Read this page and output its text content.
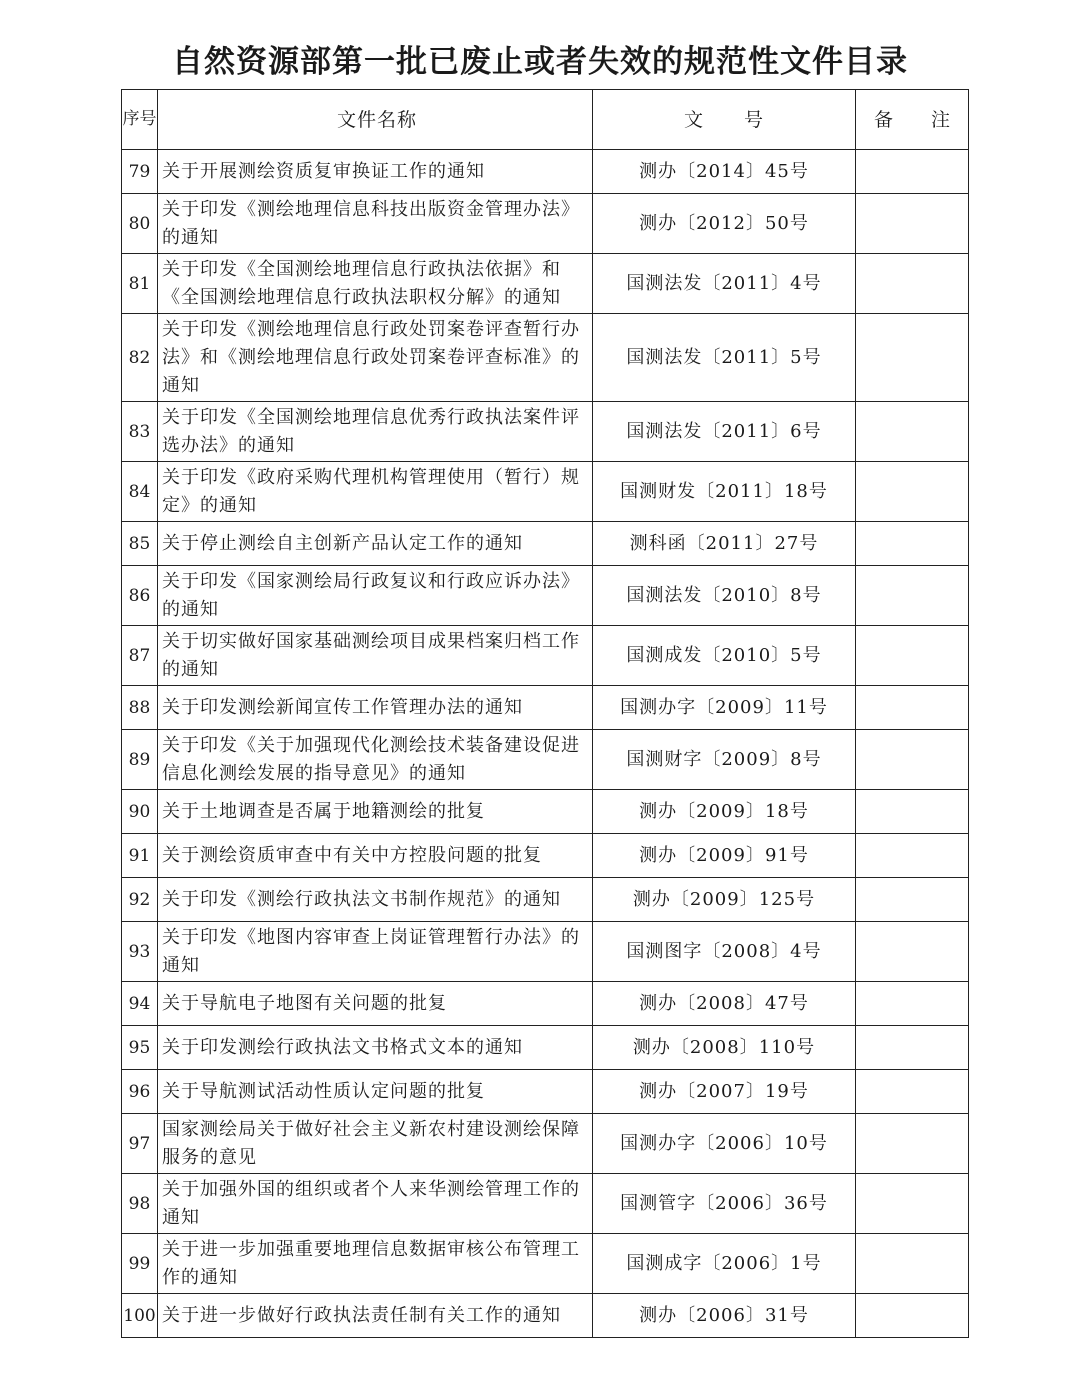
自然资源部第一批已废止或者失效的规范性文件目录
序号	文件名称	文　　号	备　　注
79	关于开展测绘资质复审换证工作的通知	测办〔2014〕45号	
80	关于印发《测绘地理信息科技出版资金管理办法》的通知	测办〔2012〕50号	
81	关于印发《全国测绘地理信息行政执法依据》和《全国测绘地理信息行政执法职权分解》的通知	国测法发〔2011〕4号	
82	关于印发《测绘地理信息行政处罚案卷评查暂行办法》和《测绘地理信息行政处罚案卷评查标准》的通知	国测法发〔2011〕5号	
83	关于印发《全国测绘地理信息优秀行政执法案件评选办法》的通知	国测法发〔2011〕6号	
84	关于印发《政府采购代理机构管理使用（暂行）规定》的通知	国测财发〔2011〕18号	
85	关于停止测绘自主创新产品认定工作的通知	测科函〔2011〕27号	
86	关于印发《国家测绘局行政复议和行政应诉办法》的通知	国测法发〔2010〕8号	
87	关于切实做好国家基础测绘项目成果档案归档工作的通知	国测成发〔2010〕5号	
88	关于印发测绘新闻宣传工作管理办法的通知	国测办字〔2009〕11号	
89	关于印发《关于加强现代化测绘技术装备建设促进信息化测绘发展的指导意见》的通知	国测财字〔2009〕8号	
90	关于土地调查是否属于地籍测绘的批复	测办〔2009〕18号	
91	关于测绘资质审查中有关中方控股问题的批复	测办〔2009〕91号	
92	关于印发《测绘行政执法文书制作规范》的通知	测办〔2009〕125号	
93	关于印发《地图内容审查上岗证管理暂行办法》的通知	国测图字〔2008〕4号	
94	关于导航电子地图有关问题的批复	测办〔2008〕47号	
95	关于印发测绘行政执法文书格式文本的通知	测办〔2008〕110号	
96	关于导航测试活动性质认定问题的批复	测办〔2007〕19号	
97	国家测绘局关于做好社会主义新农村建设测绘保障服务的意见	国测办字〔2006〕10号	
98	关于加强外国的组织或者个人来华测绘管理工作的通知	国测管字〔2006〕36号	
99	关于进一步加强重要地理信息数据审核公布管理工作的通知	国测成字〔2006〕1号	
100	关于进一步做好行政执法责任制有关工作的通知	测办〔2006〕31号	
